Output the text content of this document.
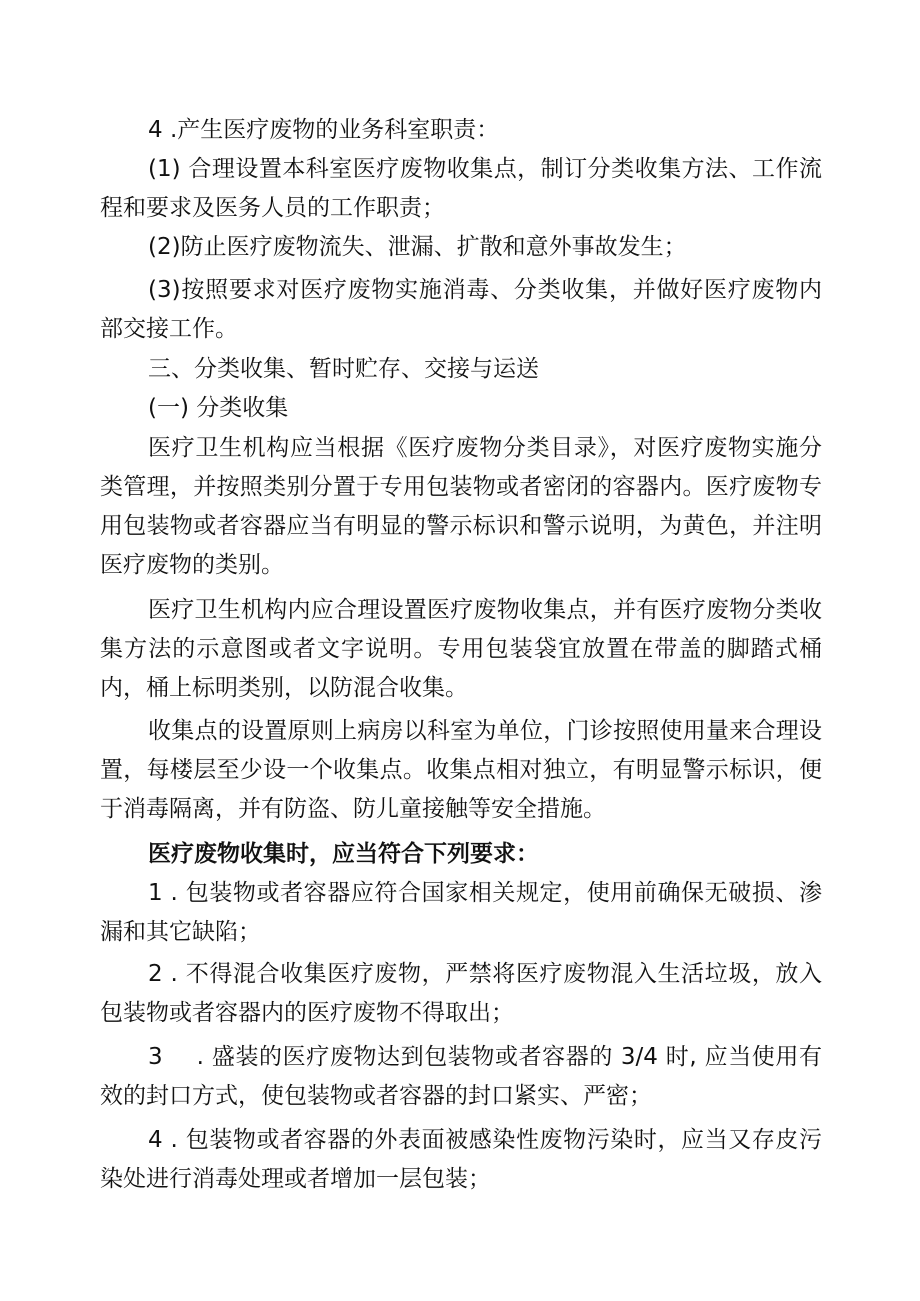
4 .产生医疗废物的业务科室职责：
(1) 合理设置本科室医疗废物收集点，制订分类收集方法、工作流程和要求及医务人员的工作职责；
(2)防止医疗废物流失、泄漏、扩散和意外事故发生；
(3)按照要求对医疗废物实施消毒、分类收集，并做好医疗废物内部交接工作。
三、分类收集、暂时贮存、交接与运送
(一) 分类收集
医疗卫生机构应当根据《医疗废物分类目录》，对医疗废物实施分类管理，并按照类别分置于专用包装物或者密闭的容器内。医疗废物专用包装物或者容器应当有明显的警示标识和警示说明，为黄色，并注明医疗废物的类别。
医疗卫生机构内应合理设置医疗废物收集点，并有医疗废物分类收集方法的示意图或者文字说明。专用包装袋宜放置在带盖的脚踏式桶内，桶上标明类别，以防混合收集。
收集点的设置原则上病房以科室为单位，门诊按照使用量来合理设置，每楼层至少设一个收集点。收集点相对独立，有明显警示标识，便于消毒隔离，并有防盗、防儿童接触等安全措施。
医疗废物收集时，应当符合下列要求：
1 . 包装物或者容器应符合国家相关规定，使用前确保无破损、渗漏和其它缺陷；
2 . 不得混合收集医疗废物，严禁将医疗废物混入生活垃圾，放入包装物或者容器内的医疗废物不得取出；
3 . 盛装的医疗废物达到包装物或者容器的 3/4 时, 应当使用有效的封口方式，使包装物或者容器的封口紧实、严密；
4 . 包装物或者容器的外表面被感染性废物污染时，应当又存皮污染处进行消毒处理或者增加一层包装；
